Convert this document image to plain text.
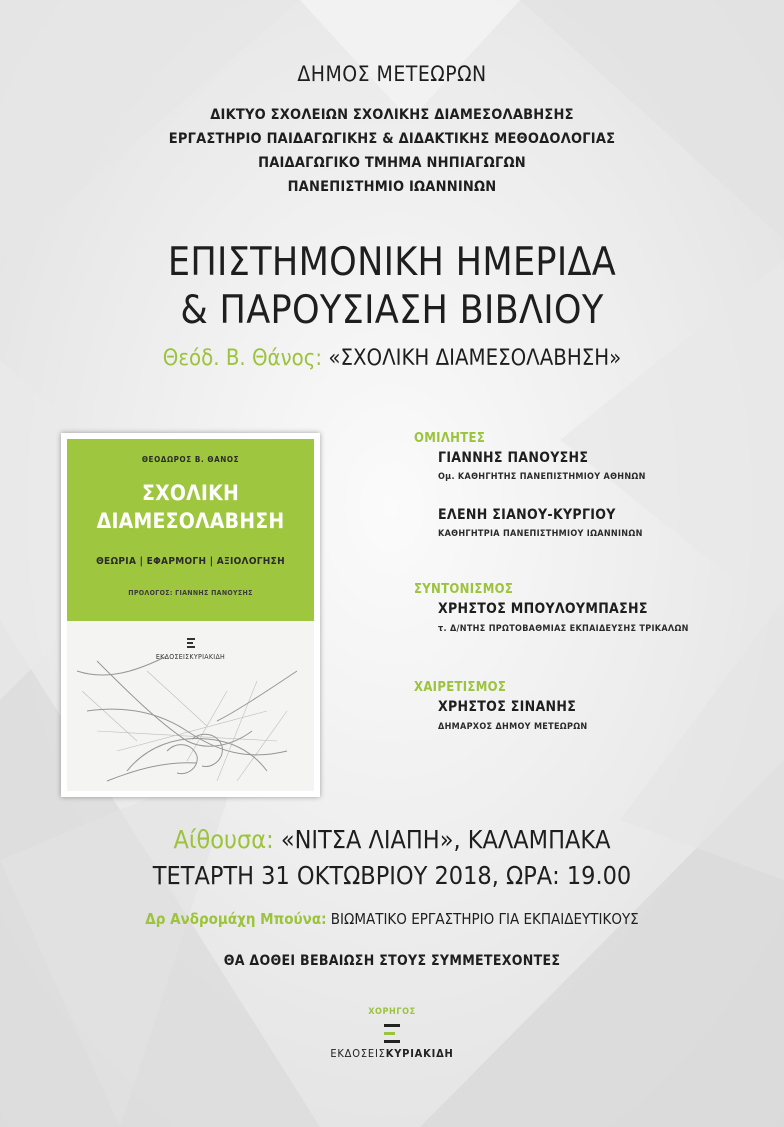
ΔΗΜΟΣ ΜΕΤΕΩΡΩΝ
ΔΙΚΤΥΟ ΣΧΟΛΕΙΩΝ ΣΧΟΛΙΚΗΣ ΔΙΑΜΕΣΟΛΑΒΗΣΗΣ
ΕΡΓΑΣΤΗΡΙΟ ΠΑΙΔΑΓΩΓΙΚΗΣ & ΔΙΔΑΚΤΙΚΗΣ ΜΕΘΟΔΟΛΟΓΙΑΣ
ΠΑΙΔΑΓΩΓΙΚΟ ΤΜΗΜΑ ΝΗΠΙΑΓΩΓΩΝ
ΠΑΝΕΠΙΣΤΗΜΙΟ ΙΩΑΝΝΙΝΩΝ
ΕΠΙΣΤΗΜΟΝΙΚΗ ΗΜΕΡΙΔΑ
& ΠΑΡΟΥΣΙΑΣΗ ΒΙΒΛΙΟΥ
Θεόδ. Β. Θάνος: «ΣΧΟΛΙΚΗ ΔΙΑΜΕΣΟΛΑΒΗΣΗ»
ΘΕΟΔΩΡΟΣ Β. ΘΑΝΟΣ
ΣΧΟΛΙΚΗ
ΔΙΑΜΕΣΟΛΑΒΗΣΗ
ΘΕΩΡΙΑ | ΕΦΑΡΜΟΓΗ | ΑΞΙΟΛΟΓΗΣΗ
ΠΡΟΛΟΓΟΣ: ΓΙΑΝΝΗΣ ΠΑΝΟΥΣΗΣ
ΕΚΔΟΣΕΙΣΚΥΡΙΑΚΙΔΗ
ΟΜΙΛΗΤΕΣ
ΓΙΑΝΝΗΣ ΠΑΝΟΥΣΗΣ
Ομ. ΚΑΘΗΓΗΤΗΣ ΠΑΝΕΠΙΣΤΗΜΙΟΥ ΑΘΗΝΩΝ
ΕΛΕΝΗ ΣΙΑΝΟΥ-ΚΥΡΓΙΟΥ
ΚΑΘΗΓΗΤΡΙΑ ΠΑΝΕΠΙΣΤΗΜΙΟΥ ΙΩΑΝΝΙΝΩΝ
ΣΥΝΤΟΝΙΣΜΟΣ
ΧΡΗΣΤΟΣ ΜΠΟΥΛΟΥΜΠΑΣΗΣ
τ. Δ/ΝΤΗΣ ΠΡΩΤΟΒΑΘΜΙΑΣ ΕΚΠΑΙΔΕΥΣΗΣ ΤΡΙΚΑΛΩΝ
ΧΑΙΡΕΤΙΣΜΟΣ
ΧΡΗΣΤΟΣ ΣΙΝΑΝΗΣ
ΔΗΜΑΡΧΟΣ ΔΗΜΟΥ ΜΕΤΕΩΡΩΝ
Αίθουσα: «ΝΙΤΣΑ ΛΙΑΠΗ», ΚΑΛΑΜΠΑΚΑ
ΤΕΤΑΡΤΗ 31 ΟΚΤΩΒΡΙΟΥ 2018, ΩΡΑ: 19.00
Δρ Ανδρομάχη Μπούνα: ΒΙΩΜΑΤΙΚΟ ΕΡΓΑΣΤΗΡΙΟ ΓΙΑ ΕΚΠΑΙΔΕΥΤΙΚΟΥΣ
ΘΑ ΔΟΘΕΙ ΒΕΒΑΙΩΣΗ ΣΤΟΥΣ ΣΥΜΜΕΤΕΧΟΝΤΕΣ
ΧΟΡΗΓΟΣ
ΕΚΔΟΣΕΙΣΚΥΡΙΑΚΙΔΗ
